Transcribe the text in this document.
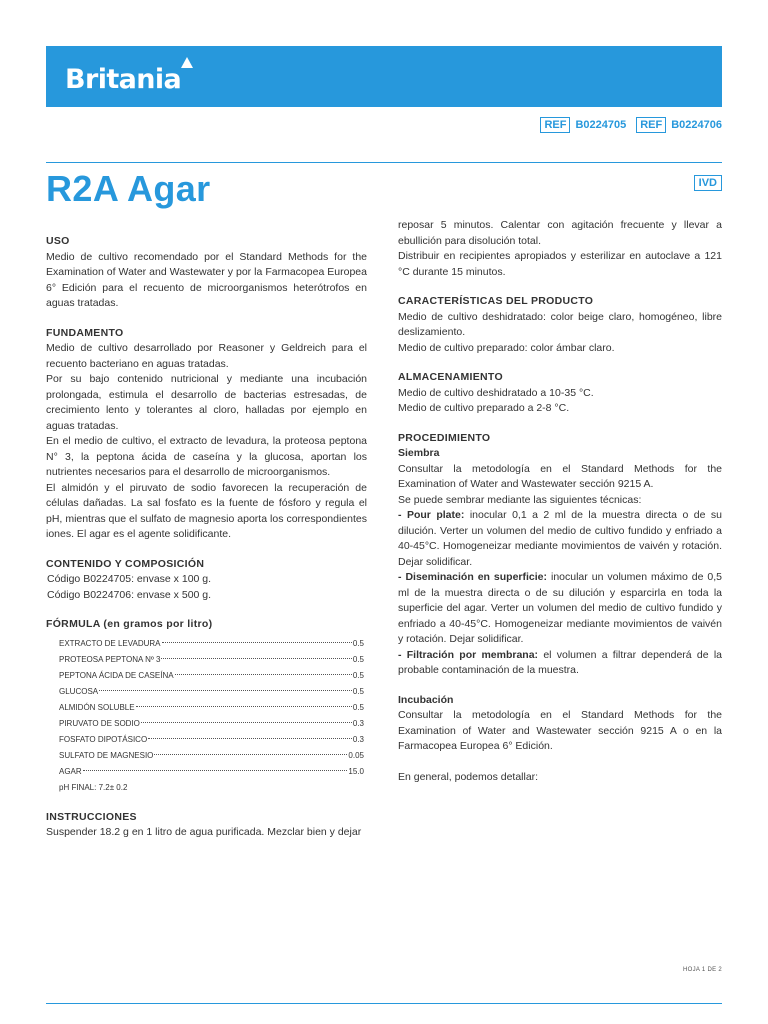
Britania
REF B0224705	REF B0224706
R2A Agar	IVD
USO

Medio de cultivo recomendado por el Standard Methods for the Examination of Water and Wastewater y por la Farmacopea Europea 6° Edición para el recuento de microorganismos heterótrofos en aguas tratadas.

FUNDAMENTO

Medio de cultivo desarrollado por Reasoner y Geldreich para el recuento bacteriano en aguas tratadas.

Por su bajo contenido nutricional y mediante una incubación prolongada, estimula el desarrollo de bacterias estresadas, de crecimiento lento y tolerantes al cloro, halladas por ejemplo en aguas tratadas.

En el medio de cultivo, el extracto de levadura, la proteosa peptona N° 3, la peptona ácida de caseína y la glucosa, aportan los nutrientes necesarios para el desarrollo de microorganismos.

El almidón y el piruvato de sodio favorecen la recuperación de células dañadas. La sal fosfato es la fuente de fósforo y regula el pH, mientras que el sulfato de magnesio aporta los correspondientes iones. El agar es el agente solidificante.

CONTENIDO Y COMPOSICIÓN

Código B0224705: envase x 100 g.

Código B0224706: envase x 500 g.

FÓRMULA (en gramos por litro)
EXTRACTO DE LEVADURA	0.5
PROTEOSA PEPTONA Nº 3	0.5
PEPTONA ÁCIDA DE CASEÍNA	0.5
GLUCOSA	0.5
ALMIDÓN SOLUBLE	0.5
PIRUVATO DE SODIO	0.3
FOSFATO DIPOTÁSICO	0.3
SULFATO DE MAGNESIO	0.05
AGAR	15.0
pH FINAL: 7.2± 0.2
INSTRUCCIONES

Suspender 18.2 g en 1 litro de agua purificada. Mezclar bien y dejar

reposar 5 minutos. Calentar con agitación frecuente y llevar a ebullición para disolución total.

Distribuir en recipientes apropiados y esterilizar en autoclave a 121 °C durante 15 minutos.

CARACTERÍSTICAS DEL PRODUCTO

Medio de cultivo deshidratado: color beige claro, homogéneo, libre deslizamiento.

Medio de cultivo preparado: color ámbar claro.

ALMACENAMIENTO

Medio de cultivo deshidratado a 10-35 °C.

Medio de cultivo preparado a 2-8 °C.

PROCEDIMIENTO
Siembra

Consultar la metodología en el Standard Methods for the Examination of Water and Wastewater sección 9215 A.

Se puede sembrar mediante las siguientes técnicas:

- Pour plate: inocular 0,1 a 2 ml de la muestra directa o de su dilución. Verter un volumen del medio de cultivo fundido y enfriado a 40-45°C. Homogeneizar mediante movimientos de vaivén y rotación. Dejar solidificar.

- Diseminación en superficie: inocular un volumen máximo de 0,5 ml de la muestra directa o de su dilución y esparcirla en toda la superficie del agar. Verter un volumen del medio de cultivo fundido y enfriado a 40-45°C. Homogeneizar mediante movimientos de vaivén y rotación. Dejar solidificar.

- Filtración por membrana: el volumen a filtrar dependerá de la probable contaminación de la muestra.

Incubación

Consultar la metodología en el Standard Methods for the Examination of Water and Wastewater sección 9215 A o en la Farmacopea Europea 6° Edición.

En general, podemos detallar:

HOJA 1 DE 2
